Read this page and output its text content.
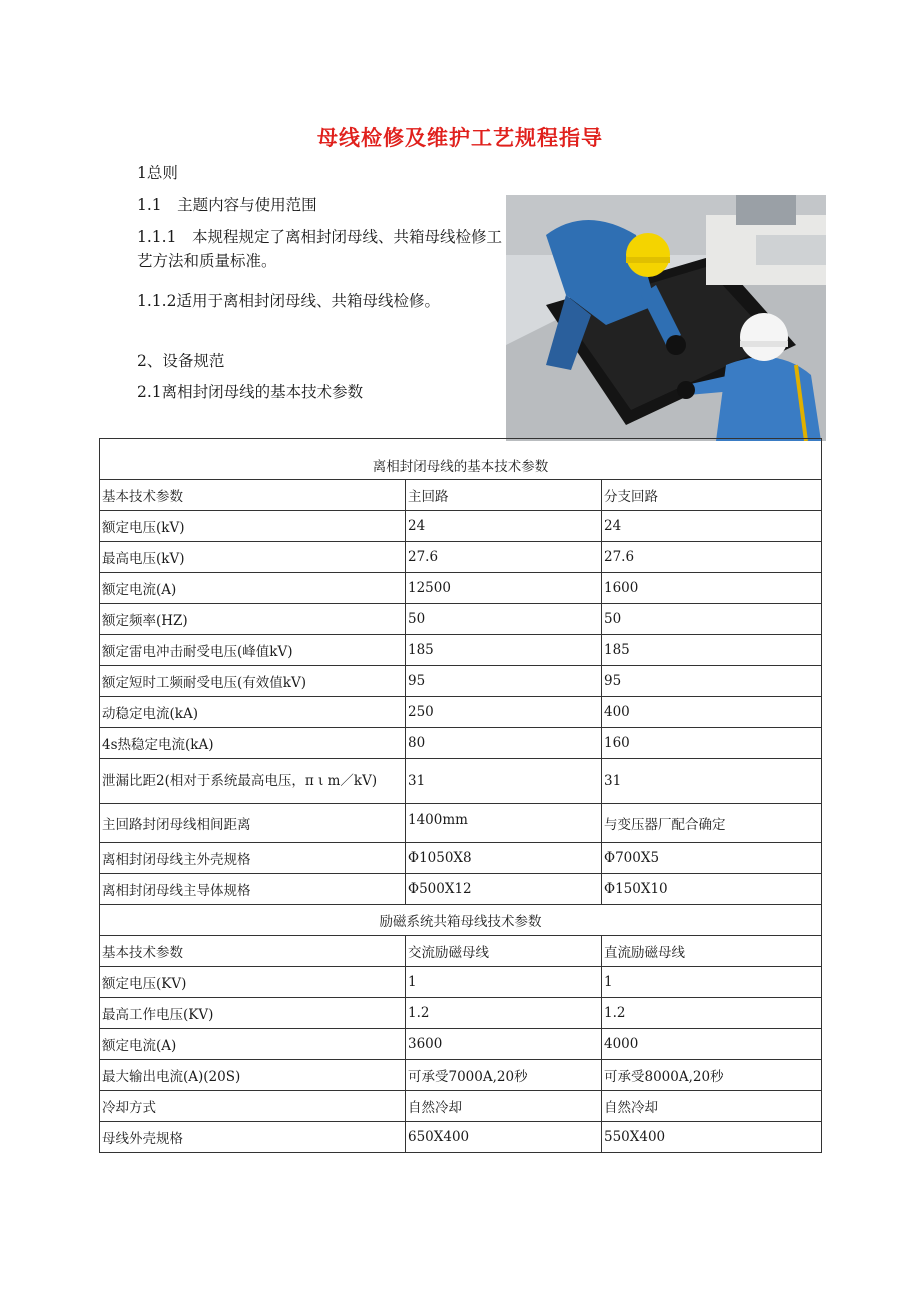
母线检修及维护工艺规程指导
1总则
1.1　主题内容与使用范围
1.1.1　本规程规定了离相封闭母线、共箱母线检修工艺方法和质量标准。
1.1.2适用于离相封闭母线、共箱母线检修。
2、设备规范
2.1离相封闭母线的基本技术参数
离相封闭母线的基本技术参数		
基本技术参数	主回路	分支回路
额定电压(kV)	24	24
最高电压(kV)	27.6	27.6
额定电流(A)	12500	1600
额定频率(HZ)	50	50
额定雷电冲击耐受电压(峰值kV)	185	185
额定短时工频耐受电压(有效值kV)	95	95
动稳定电流(kA)	250	400
4s热稳定电流(kA)	80	160
泄漏比距2(相对于系统最高电压，π ι m／kV)	31	31
主回路封闭母线相间距离	1400mm	与变压器厂配合确定
离相封闭母线主外壳规格	Φ1050X8	Φ700X5
离相封闭母线主导体规格	Φ500X12	Φ150X10
励磁系统共箱母线技术参数		
基本技术参数	交流励磁母线	直流励磁母线
额定电压(KV)	1	1
最高工作电压(KV)	1.2	1.2
额定电流(A)	3600	4000
最大输出电流(A)(20S)	可承受7000A,20秒	可承受8000A,20秒
冷却方式	自然冷却	自然冷却
母线外壳规格	650X400	550X400
